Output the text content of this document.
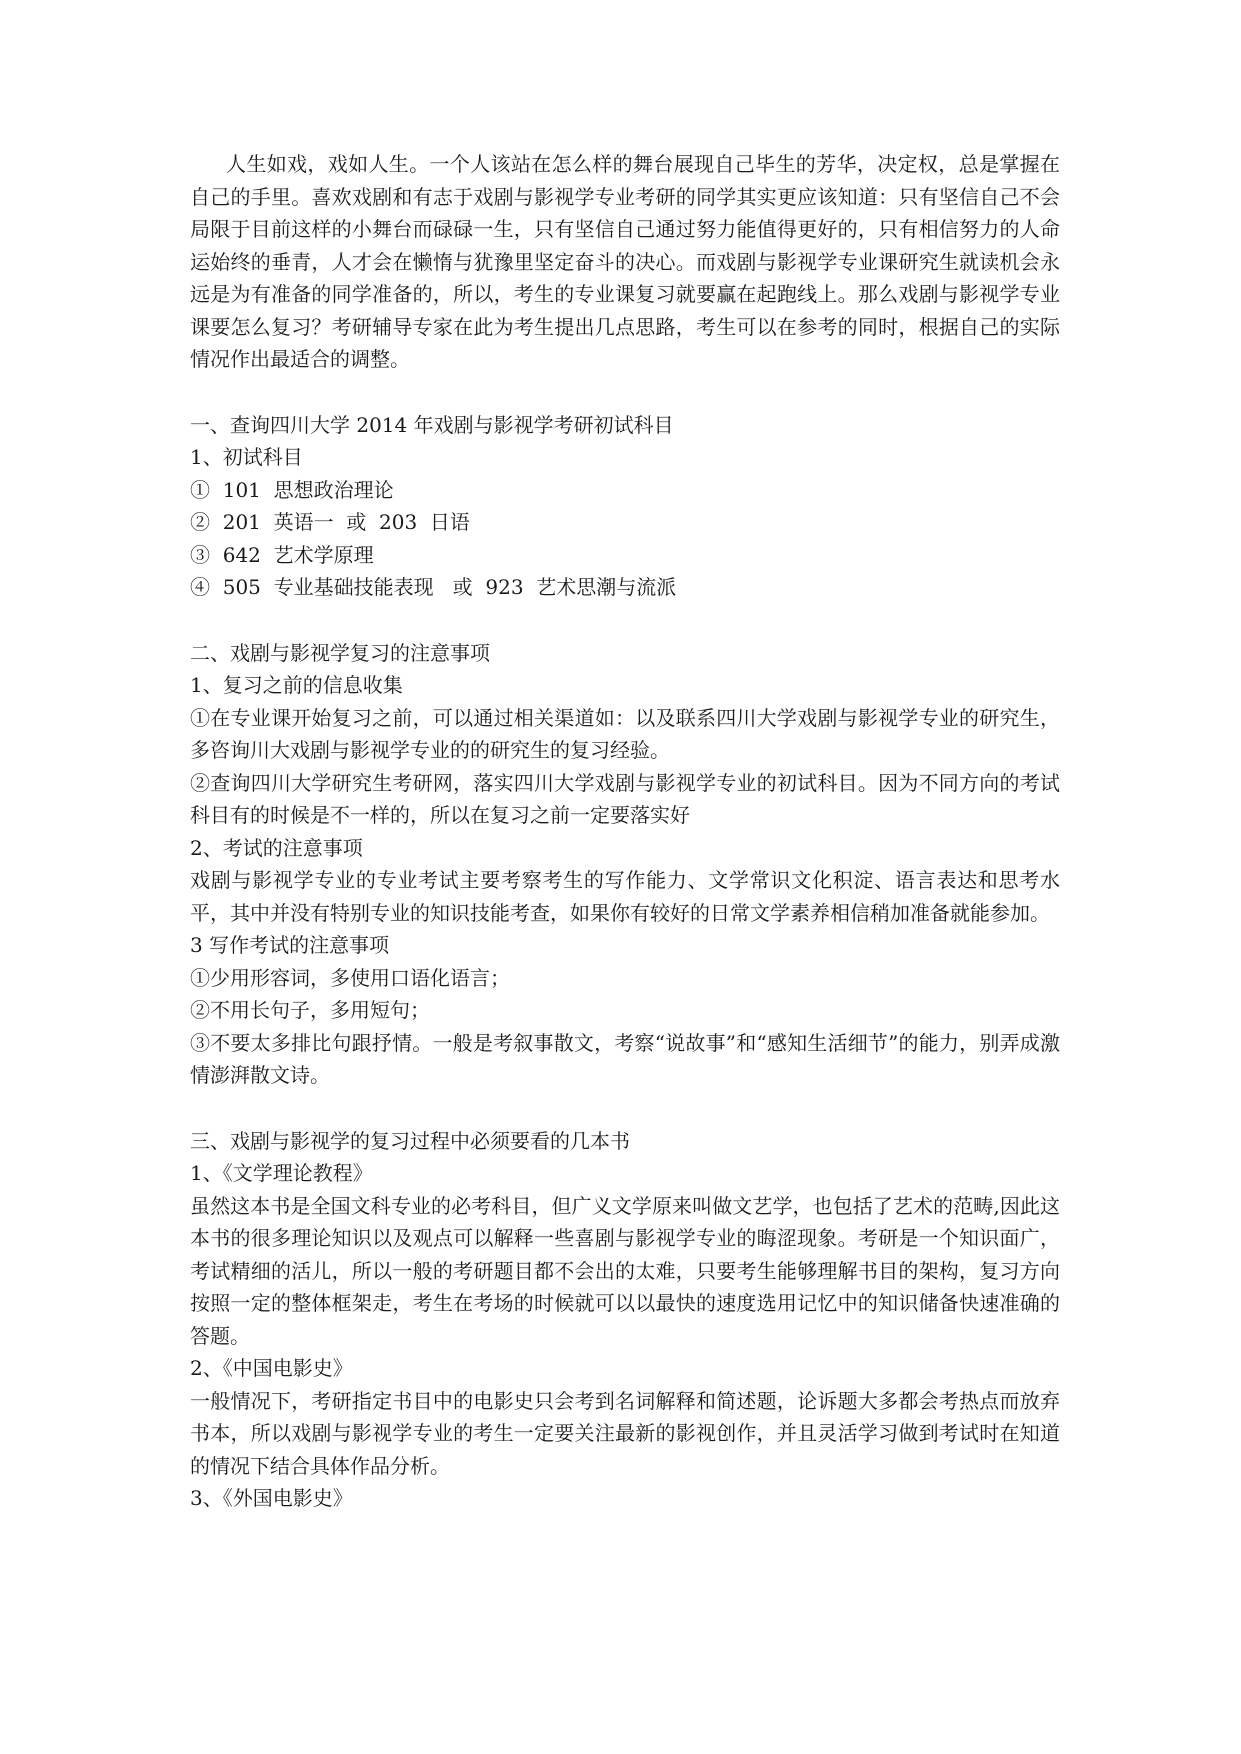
人生如戏，戏如人生。一个人该站在怎么样的舞台展现自己毕生的芳华，决定权，总是掌握在自己的手里。喜欢戏剧和有志于戏剧与影视学专业考研的同学其实更应该知道：只有坚信自己不会局限于目前这样的小舞台而碌碌一生，只有坚信自己通过努力能值得更好的，只有相信努力的人命运始终的垂青，人才会在懒惰与犹豫里坚定奋斗的决心。而戏剧与影视学专业课研究生就读机会永远是为有准备的同学准备的，所以，考生的专业课复习就要赢在起跑线上。那么戏剧与影视学专业课要怎么复习？考研辅导专家在此为考生提出几点思路，考生可以在参考的同时，根据自己的实际情况作出最适合的调整。

一、查询四川大学 2014 年戏剧与影视学考研初试科目

1、初试科目

①  101  思想政治理论

②  201  英语一  或  203  日语

③  642  艺术学原理

④  505  专业基础技能表现   或  923  艺术思潮与流派

二、戏剧与影视学复习的注意事项

1、复习之前的信息收集

①在专业课开始复习之前，可以通过相关渠道如：以及联系四川大学戏剧与影视学专业的研究生，多咨询川大戏剧与影视学专业的的研究生的复习经验。

②查询四川大学研究生考研网，落实四川大学戏剧与影视学专业的初试科目。因为不同方向的考试科目有的时候是不一样的，所以在复习之前一定要落实好

2、考试的注意事项

戏剧与影视学专业的专业考试主要考察考生的写作能力、文学常识文化积淀、语言表达和思考水平，其中并没有特别专业的知识技能考查，如果你有较好的日常文学素养相信稍加准备就能参加。

3 写作考试的注意事项

①少用形容词，多使用口语化语言；

②不用长句子，多用短句；

③不要太多排比句跟抒情。一般是考叙事散文，考察“说故事”和“感知生活细节”的能力，别弄成激情澎湃散文诗。

三、戏剧与影视学的复习过程中必须要看的几本书

1、《文学理论教程》

虽然这本书是全国文科专业的必考科目，但广义文学原来叫做文艺学，也包括了艺术的范畴,因此这本书的很多理论知识以及观点可以解释一些喜剧与影视学专业的晦涩现象。考研是一个知识面广，考试精细的活儿，所以一般的考研题目都不会出的太难，只要考生能够理解书目的架构，复习方向按照一定的整体框架走，考生在考场的时候就可以以最快的速度选用记忆中的知识储备快速准确的答题。

2、《中国电影史》

一般情况下，考研指定书目中的电影史只会考到名词解释和简述题，论诉题大多都会考热点而放弃书本，所以戏剧与影视学专业的考生一定要关注最新的影视创作，并且灵活学习做到考试时在知道的情况下结合具体作品分析。

3、《外国电影史》
